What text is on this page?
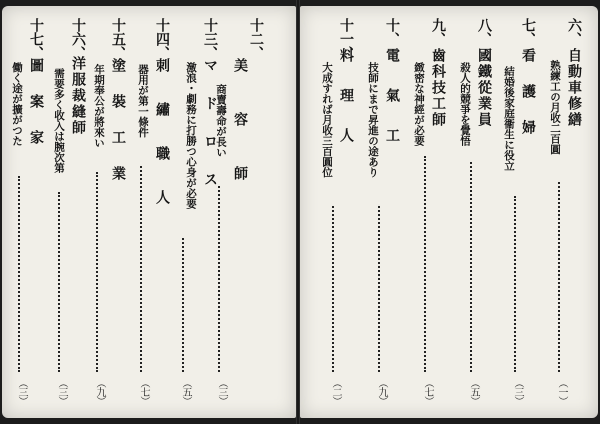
十二、
美　　容　　師
商賣壽命が長い
（三）
十三、
マ ド ロ ス
激浪・劇務に打勝つ心身が必要
（五）
十四、
刺　繡　職　人
器用が第一條件
（七）
十五、
塗　裝　工　業
年期奉公が將來い
（九）
十六、
洋服裁縫師
需要多く收入は腕次第
（三）
十七、
圖　案　家
働く途が擴がつた
（三）
六、
自動車修繕
熟練工の月收二百圓
（一）
七、
看　護　婦
結婚後家庭衞生に役立
（三）
八、
國鐵從業員
殺人的競爭を覺悟
（五）
九、
齒科技工師
緻密な神經が必要
（七）
十、
電　氣　工
技師にまで昇進の途あり
（九）
十一、
料　理　人
大成すれば月收三百圓位
（二）
